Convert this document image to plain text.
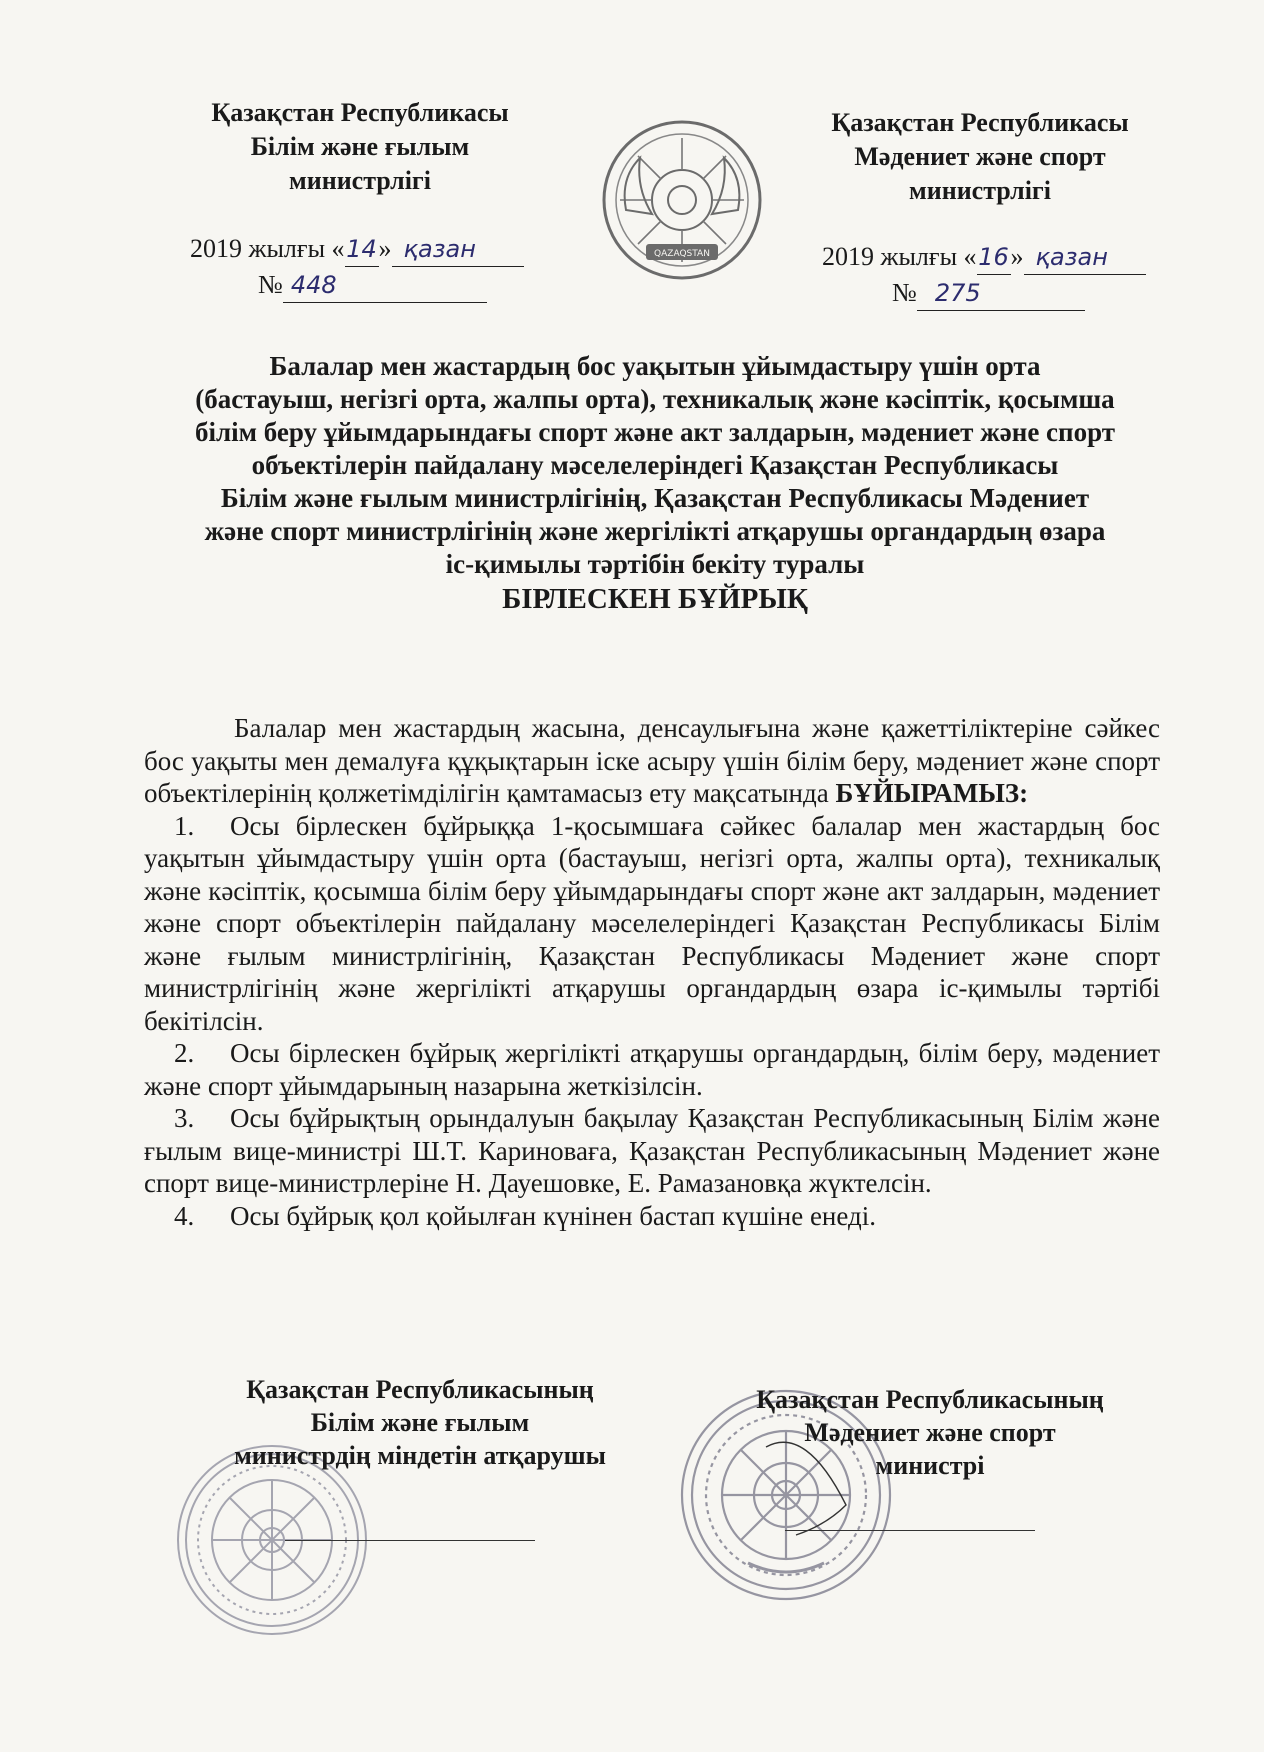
Қазақстан Республикасы
Білім және ғылым
министрлігі
2019 жылғы «14» қазан
№ 448
QAZAQSTAN
Қазақстан Республикасы
Мәдениет және спорт
министрлігі
2019 жылғы «16» қазан
№ 275
Балалар мен жастардың бос уақытын ұйымдастыру үшін орта
(бастауыш, негізгі орта, жалпы орта), техникалық және кәсіптік, қосымша
білім беру ұйымдарындағы спорт және акт залдарын, мәдениет және спорт
объектілерін пайдалану мәселелеріндегі Қазақстан Республикасы
Білім және ғылым министрлігінің, Қазақстан Республикасы Мәдениет
және спорт министрлігінің және жергілікті атқарушы органдардың өзара
іс-қимылы тәртібін бекіту туралы
БІРЛЕСКЕН БҰЙРЫҚ

Балалар мен жастардың жасына, денсаулығына және қажеттіліктеріне сәйкес бос уақыты мен демалуға құқықтарын іске асыру үшін білім беру, мәдениет және спорт объектілерінің қолжетімділігін қамтамасыз ету мақсатында БҰЙЫРАМЫЗ:

1. Осы бірлескен бұйрыққа 1-қосымшаға сәйкес балалар мен жастардың бос уақытын ұйымдастыру үшін орта (бастауыш, негізгі орта, жалпы орта), техникалық және кәсіптік, қосымша білім беру ұйымдарындағы спорт және акт залдарын, мәдениет және спорт объектілерін пайдалану мәселелеріндегі Қазақстан Республикасы Білім және ғылым министрлігінің, Қазақстан Республикасы Мәдениет және спорт министрлігінің және жергілікті атқарушы органдардың өзара іс-қимылы тәртібі бекітілсін.

2. Осы бірлескен бұйрық жергілікті атқарушы органдардың, білім беру, мәдениет және спорт ұйымдарының назарына жеткізілсін.

3. Осы бұйрықтың орындалуын бақылау Қазақстан Республикасының Білім және ғылым вице-министрі Ш.Т. Кариноваға, Қазақстан Республикасының Мәдениет және спорт вице-министрлеріне Н. Дауешовке, Е. Рамазановқа жүктелсін.

4. Осы бұйрық қол қойылған күнінен бастап күшіне енеді.

Қазақстан Республикасының
Білім және ғылым
министрдің міндетін атқарушы
Қазақстан Республикасының
Мәдениет және спорт
министрі
